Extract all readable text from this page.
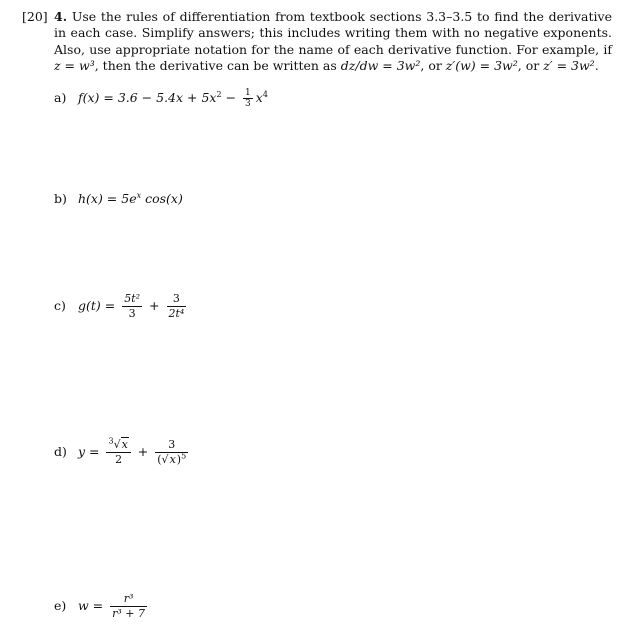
[20] 4. Use the rules of differentiation from textbook sections 3.3–3.5 to find the derivative in each case. Simplify answers; this includes writing them with no negative exponents. Also, use appropriate notation for the name of each derivative function. For example, if z = w³, then the derivative can be written as dz/dw = 3w², or z′(w) = 3w², or z′ = 3w².
a) $f(x) = 3.6 - 5.4x + 5x^2 - \frac{1}{3} x^4$
b) $h(x) = 5e^x$ cos(x)
c) $g(t) = \frac{\text{5t²}}{3} + \frac{3}{\text{2t⁴}}$
d) $y = \frac{^3√x}{2} + \frac{3}{(√x)^5}$
e) $w = \frac{\text{r³}}{\text{r³ + 7}}$
